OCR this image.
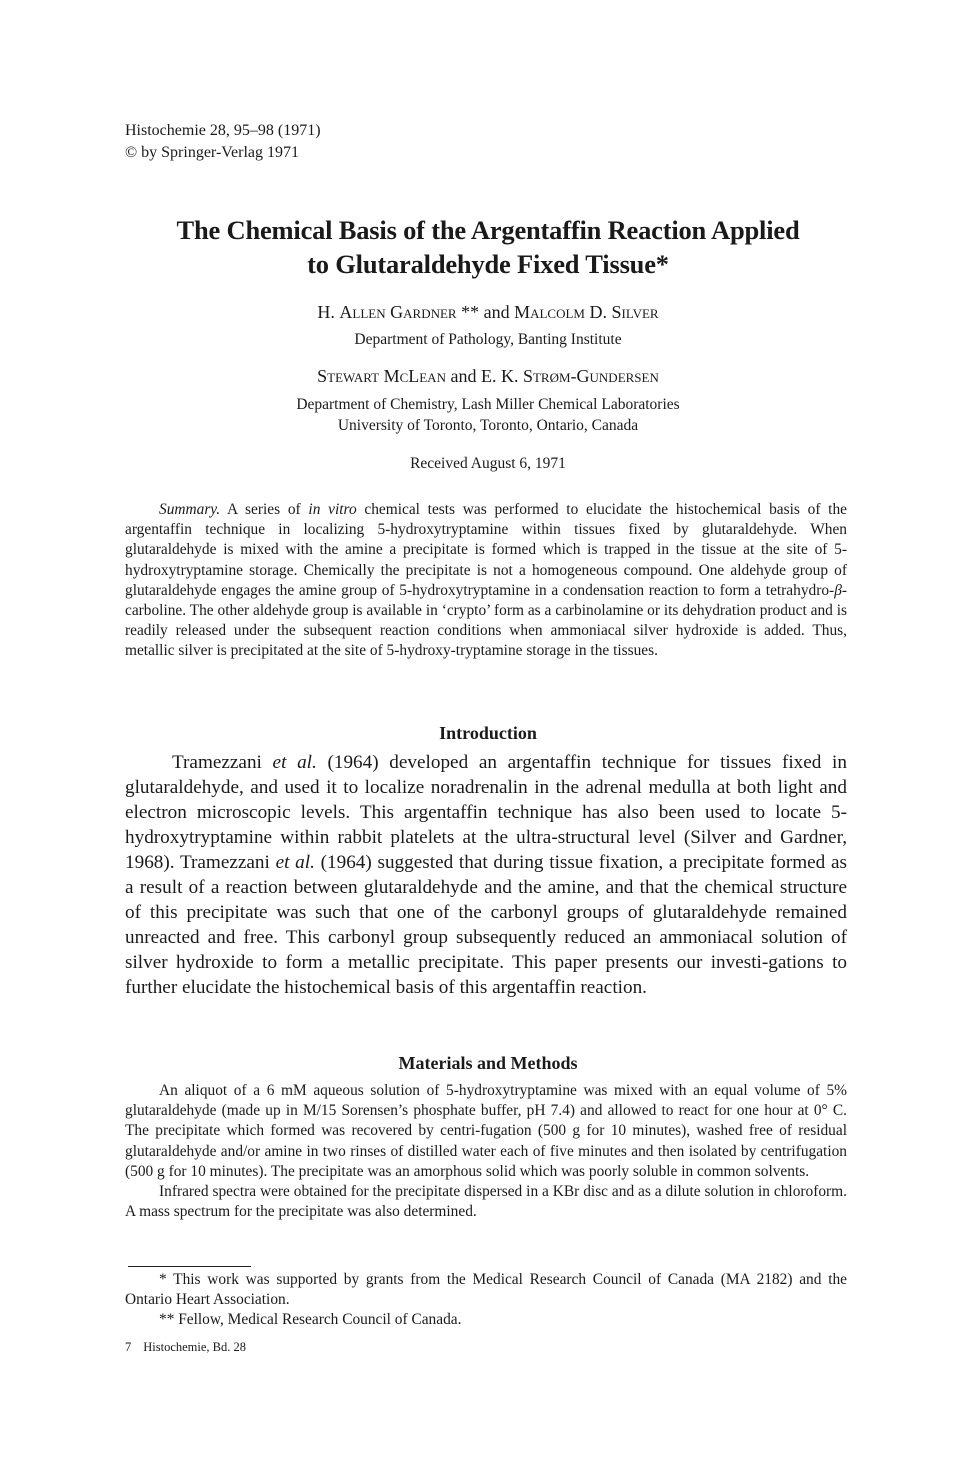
Histochemie 28, 95–98 (1971)
© by Springer-Verlag 1971
The Chemical Basis of the Argentaffin Reaction Applied
to Glutaraldehyde Fixed Tissue*
H. Allen Gardner ** and Malcolm D. Silver
Department of Pathology, Banting Institute
Stewart McLean and E. K. Strøm-Gundersen
Department of Chemistry, Lash Miller Chemical Laboratories
University of Toronto, Toronto, Ontario, Canada
Received August 6, 1971
Summary. A series of in vitro chemical tests was performed to elucidate the histochemical basis of the argentaffin technique in localizing 5-hydroxytryptamine within tissues fixed by glutaraldehyde. When glutaraldehyde is mixed with the amine a precipitate is formed which is trapped in the tissue at the site of 5-hydroxytryptamine storage. Chemically the precipitate is not a homogeneous compound. One aldehyde group of glutaraldehyde engages the amine group of 5-hydroxytryptamine in a condensation reaction to form a tetrahydro-β-carboline. The other aldehyde group is available in ‘crypto’ form as a carbinolamine or its dehydration product and is readily released under the subsequent reaction conditions when ammoniacal silver hydroxide is added. Thus, metallic silver is precipitated at the site of 5-hydroxy-tryptamine storage in the tissues.
Introduction
Tramezzani et al. (1964) developed an argentaffin technique for tissues fixed in glutaraldehyde, and used it to localize noradrenalin in the adrenal medulla at both light and electron microscopic levels. This argentaffin technique has also been used to locate 5-hydroxytryptamine within rabbit platelets at the ultra-structural level (Silver and Gardner, 1968). Tramezzani et al. (1964) suggested that during tissue fixation, a precipitate formed as a result of a reaction between glutaraldehyde and the amine, and that the chemical structure of this precipitate was such that one of the carbonyl groups of glutaraldehyde remained unreacted and free. This carbonyl group subsequently reduced an ammoniacal solution of silver hydroxide to form a metallic precipitate. This paper presents our investi-gations to further elucidate the histochemical basis of this argentaffin reaction.
Materials and Methods

An aliquot of a 6 mM aqueous solution of 5-hydroxytryptamine was mixed with an equal volume of 5% glutaraldehyde (made up in M/15 Sorensen’s phosphate buffer, pH 7.4) and allowed to react for one hour at 0° C. The precipitate which formed was recovered by centri-fugation (500 g for 10 minutes), washed free of residual glutaraldehyde and/or amine in two rinses of distilled water each of five minutes and then isolated by centrifugation (500 g for 10 minutes). The precipitate was an amorphous solid which was poorly soluble in common solvents.

Infrared spectra were obtained for the precipitate dispersed in a KBr disc and as a dilute solution in chloroform. A mass spectrum for the precipitate was also determined.

* This work was supported by grants from the Medical Research Council of Canada (MA 2182) and the Ontario Heart Association.

** Fellow, Medical Research Council of Canada.

7 Histochemie, Bd. 28
